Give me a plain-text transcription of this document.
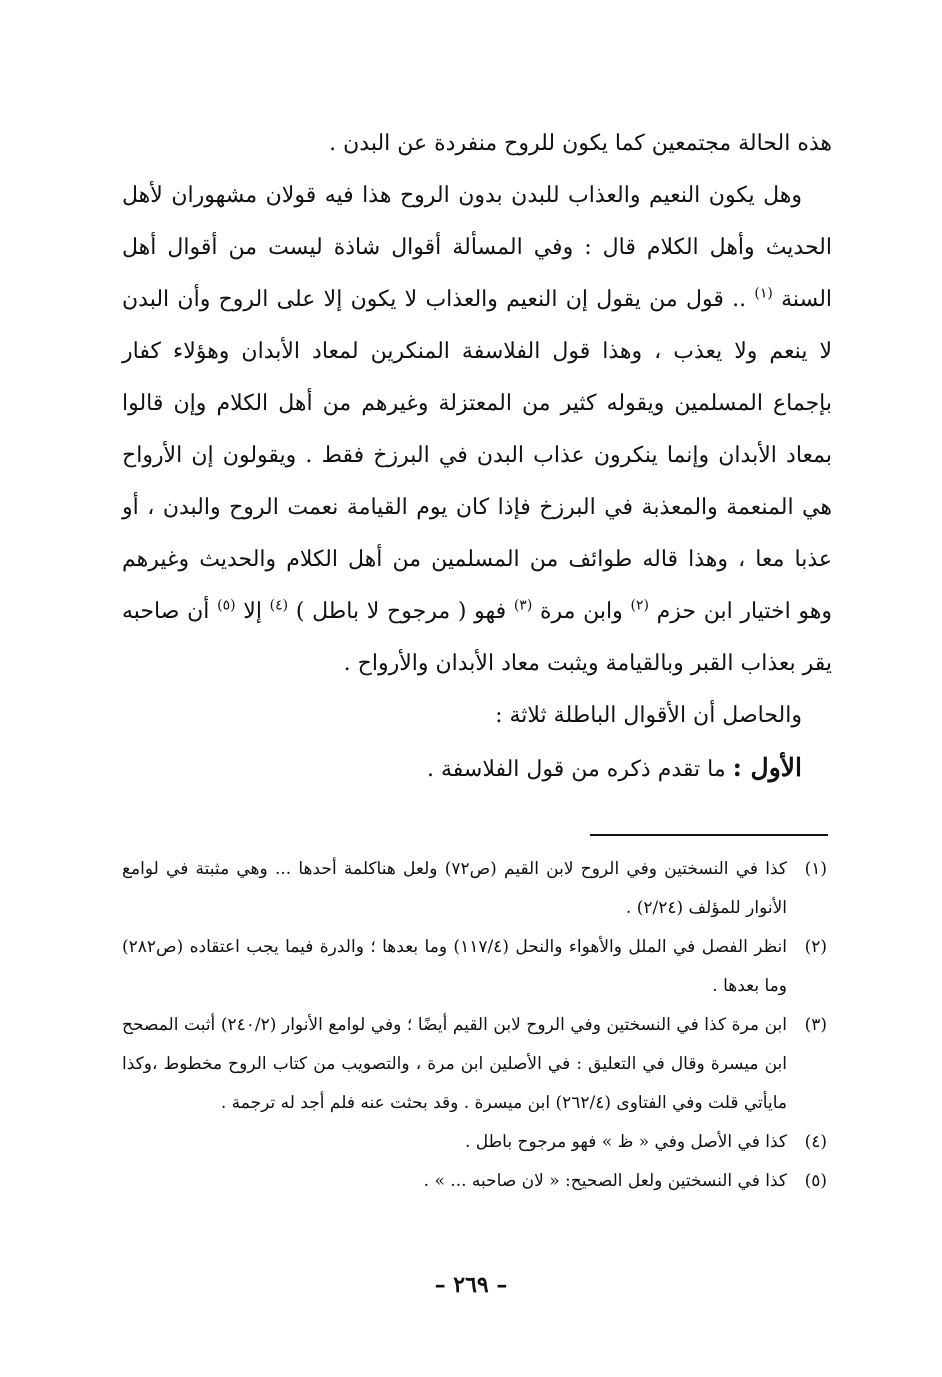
هذه الحالة مجتمعين كما يكون للروح منفردة عن البدن .

وهل يكون النعيم والعذاب للبدن بدون الروح هذا فيه قولان مشهوران لأهل الحديث وأهل الكلام قال : وفي المسألة أقوال شاذة ليست من أقوال أهل السنة $^{(١)}$ .. قول من يقول إن النعيم والعذاب لا يكون إلا على الروح وأن البدن لا ينعم ولا يعذب ، وهذا قول الفلاسفة المنكرين لمعاد الأبدان وهؤلاء كفار بإجماع المسلمين ويقوله كثير من المعتزلة وغيرهم من أهل الكلام وإن قالوا بمعاد الأبدان وإنما ينكرون عذاب البدن في البرزخ فقط . ويقولون إن الأرواح هي المنعمة والمعذبة في البرزخ فإذا كان يوم القيامة نعمت الروح والبدن ، أو عذبا معا ، وهذا قاله طوائف من المسلمين من أهل الكلام والحديث وغيرهم وهو اختيار ابن حزم $^{(٢)}$ وابن مرة $^{(٣)}$ فهو ( مرجوح لا باطل ) $^{(٤)}$ إلا $^{(٥)}$ أن صاحبه يقر بعذاب القبر وبالقيامة ويثبت معاد الأبدان والأرواح .

والحاصل أن الأقوال الباطلة ثلاثة :

الأول : ما تقدم ذكره من قول الفلاسفة .

(١)
كذا في النسختين وفي الروح لابن القيم (ص٧٢) ولعل هناكلمة أحدها ... وهي مثبتة في لوامع الأنوار للمؤلف (٢/٢٤) .
(٢)
انظر الفصل في الملل والأهواء والنحل (١١٧/٤) وما بعدها ؛ والدرة فيما يجب اعتقاده (ص٢٨٢) وما بعدها .
(٣)
ابن مرة كذا في النسختين وفي الروح لابن القيم أيضًا ؛ وفي لوامع الأنوار (٢٤٠/٢) أثبت المصحح ابن ميسرة وقال في التعليق : في الأصلين ابن مرة ، والتصويب من كتاب الروح مخطوط ،وكذا مايأتي قلت وفي الفتاوى (٢٦٢/٤) ابن ميسرة . وقد بحثت عنه فلم أجد له ترجمة .
(٤)
كذا في الأصل وفي « ظ » فهو مرجوح باطل .
(٥)
كذا في النسختين ولعل الصحيح: « لان صاحبه ... » .
– ٢٦٩ –
